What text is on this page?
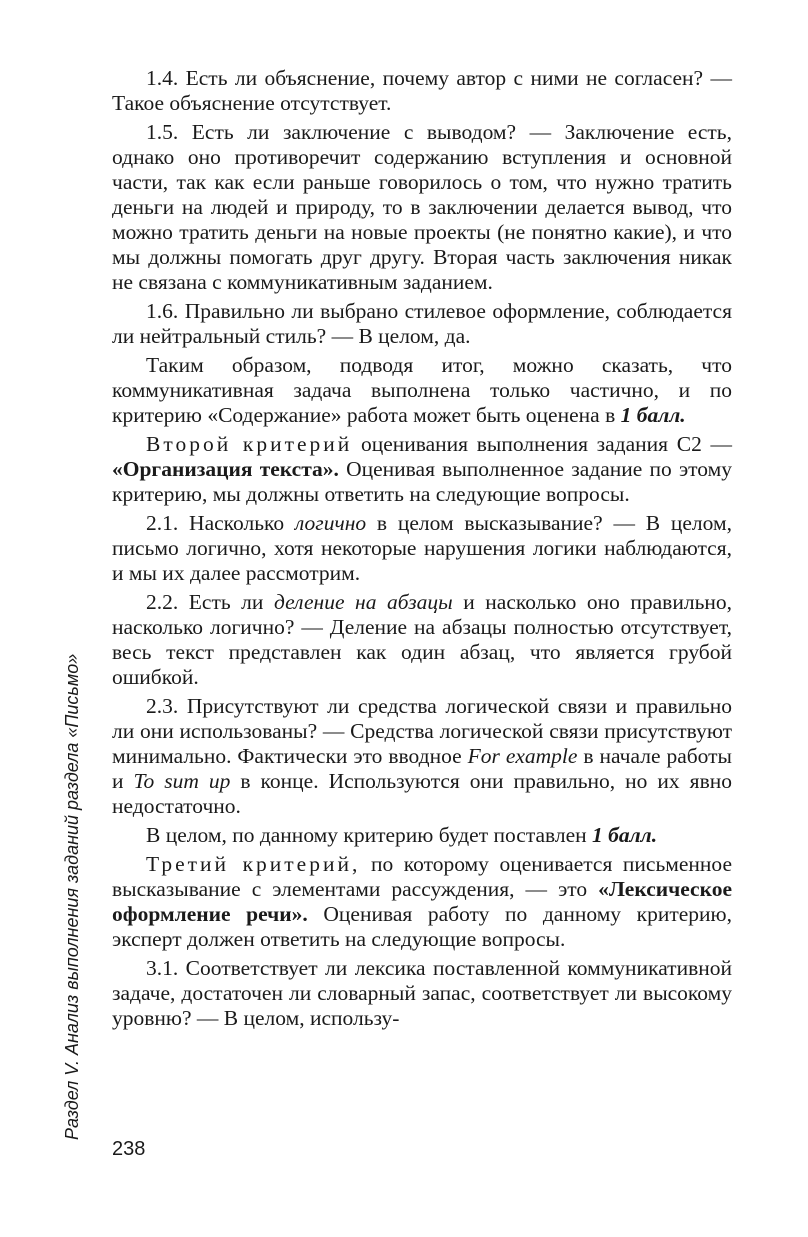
Раздел V. Анализ выполнения заданий раздела «Письмо»

1.4. Есть ли объяснение, почему автор с ними не согласен? — Такое объяснение отсутствует.

1.5. Есть ли заключение с выводом? — Заключение есть, однако оно противоречит содержанию вступления и основной части, так как если раньше говорилось о том, что нужно тратить деньги на людей и природу, то в заключении делается вывод, что можно тратить деньги на новые проекты (не понятно какие), и что мы должны помогать друг другу. Вторая часть заключения никак не связана с коммуникативным заданием.

1.6. Правильно ли выбрано стилевое оформление, соблюдается ли нейтральный стиль? — В целом, да.

Таким образом, подводя итог, можно сказать, что коммуникативная задача выполнена только частично, и по критерию «Содержание» работа может быть оценена в 1 балл.

Второй критерий оценивания выполнения задания С2 — «Организация текста». Оценивая выполненное задание по этому критерию, мы должны ответить на следующие вопросы.

2.1. Насколько логично в целом высказывание? — В целом, письмо логично, хотя некоторые нарушения логики наблюдаются, и мы их далее рассмотрим.

2.2. Есть ли деление на абзацы и насколько оно правильно, насколько логично? — Деление на абзацы полностью отсутствует, весь текст представлен как один абзац, что является грубой ошибкой.

2.3. Присутствуют ли средства логической связи и правильно ли они использованы? — Средства логической связи присутствуют минимально. Фактически это вводное For example в начале работы и To sum up в конце. Используются они правильно, но их явно недостаточно.

В целом, по данному критерию будет поставлен 1 балл.

Третий критерий, по которому оценивается письменное высказывание с элементами рассуждения, — это «Лексическое оформление речи». Оценивая работу по данному критерию, эксперт должен ответить на следующие вопросы.

3.1. Соответствует ли лексика поставленной коммуникативной задаче, достаточен ли словарный запас, соответствует ли высокому уровню? — В целом, использу-

238
